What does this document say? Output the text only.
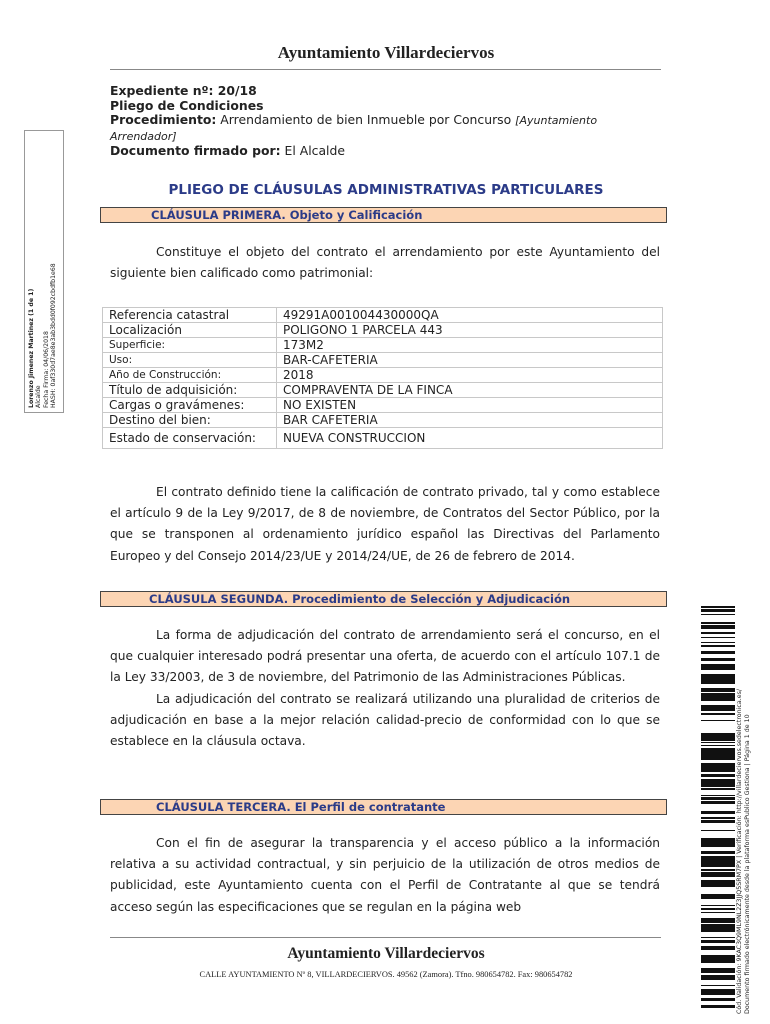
Ayuntamiento Villardeciervos
Expediente nº: 20/18
Pliego de Condiciones
Procedimiento: Arrendamiento de bien Inmueble por Concurso [Ayuntamiento
Arrendador]
Documento firmado por: El Alcalde
Lorenzo Jimenez Martinez (1 de 1) Alcalde Fecha Firma: 04/06/2018 HASH: 0af330d7ae8e3ab3bdd0f092cbdfb1e68
PLIEGO DE CLÁUSULAS ADMINISTRATIVAS PARTICULARES
CLÁUSULA PRIMERA. Objeto y Calificación
Constituye el objeto del contrato el arrendamiento por este Ayuntamiento del siguiente bien calificado como patrimonial:
Referencia catastral	49291A001004430000QA
Localización	POLIGONO 1 PARCELA 443
Superficie:	173M2
Uso:	BAR-CAFETERIA
Año de Construcción:	2018
Título de adquisición:	COMPRAVENTA DE LA FINCA
Cargas o gravámenes:	NO EXISTEN
Destino del bien:	BAR CAFETERIA
Estado de conservación:	NUEVA CONSTRUCCION
El contrato definido tiene la calificación de contrato privado, tal y como establece el artículo 9 de la Ley 9/2017, de 8 de noviembre, de Contratos del Sector Público, por la que se transponen al ordenamiento jurídico español las Directivas del Parlamento Europeo y del Consejo 2014/23/UE y 2014/24/UE, de 26 de febrero de 2014.
CLÁUSULA SEGUNDA. Procedimiento de Selección y Adjudicación
La forma de adjudicación del contrato de arrendamiento será el concurso, en el que cualquier interesado podrá presentar una oferta, de acuerdo con el artículo 107.1 de la Ley 33/2003, de 3 de noviembre, del Patrimonio de las Administraciones Públicas.
La adjudicación del contrato se realizará utilizando una pluralidad de criterios de adjudicación en base a la mejor relación calidad-precio de conformidad con lo que se establece en la cláusula octava.
CLÁUSULA TERCERA. El Perfil de contratante
Con el fin de asegurar la transparencia y el acceso público a la información relativa a su actividad contractual, y sin perjuicio de la utilización de otros medios de publicidad, este Ayuntamiento cuenta con el Perfil de Contratante al que se tendrá acceso según las especificaciones que se regulan en la página web
Ayuntamiento Villardeciervos
CALLE AYUNTAMIENTO Nº 8, VILLARDECIERVOS. 49562 (Zamora). Tfno. 980654782. Fax: 980654782	Cód. Validación: 9KAC3Q9ML9NL2Z3JJQ5SRM7PX | Verificación: http://villardeciervos.sedelectronica.es/ Documento firmado electrónicamente desde la plataforma esPublico Gestiona | Página 1 de 10
